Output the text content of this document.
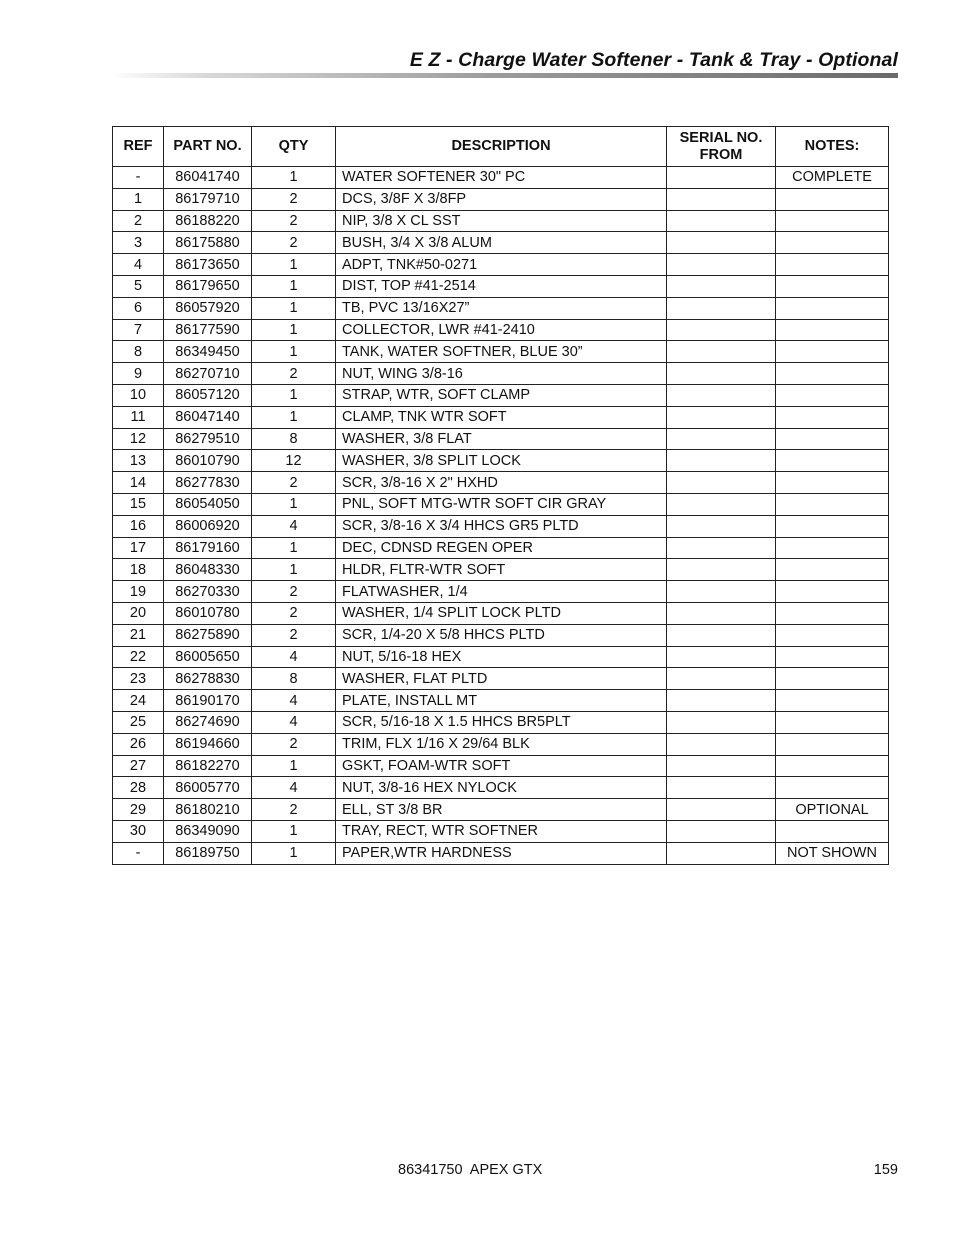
E Z - Charge Water Softener - Tank & Tray - Optional
REF	PART NO.	QTY	DESCRIPTION	SERIAL NO. FROM	NOTES:
-	86041740	1	WATER SOFTENER 30" PC		COMPLETE
1	86179710	2	DCS, 3/8F X 3/8FP		
2	86188220	2	NIP, 3/8 X CL SST		
3	86175880	2	BUSH, 3/4 X 3/8 ALUM		
4	86173650	1	ADPT, TNK#50-0271		
5	86179650	1	DIST, TOP #41-2514		
6	86057920	1	TB, PVC 13/16X27”		
7	86177590	1	COLLECTOR, LWR #41-2410		
8	86349450	1	TANK, WATER SOFTNER, BLUE 30”		
9	86270710	2	NUT, WING 3/8-16		
10	86057120	1	STRAP, WTR, SOFT CLAMP		
11	86047140	1	CLAMP, TNK WTR SOFT		
12	86279510	8	WASHER, 3/8 FLAT		
13	86010790	12	WASHER, 3/8 SPLIT LOCK		
14	86277830	2	SCR, 3/8-16 X 2" HXHD		
15	86054050	1	PNL, SOFT MTG-WTR SOFT CIR GRAY		
16	86006920	4	SCR, 3/8-16 X 3/4 HHCS GR5 PLTD		
17	86179160	1	DEC, CDNSD REGEN OPER		
18	86048330	1	HLDR, FLTR-WTR SOFT		
19	86270330	2	FLATWASHER, 1/4		
20	86010780	2	WASHER, 1/4 SPLIT LOCK PLTD		
21	86275890	2	SCR, 1/4-20 X 5/8 HHCS PLTD		
22	86005650	4	NUT, 5/16-18 HEX		
23	86278830	8	WASHER, FLAT PLTD		
24	86190170	4	PLATE, INSTALL MT		
25	86274690	4	SCR, 5/16-18 X 1.5 HHCS BR5PLT		
26	86194660	2	TRIM, FLX 1/16 X 29/64 BLK		
27	86182270	1	GSKT, FOAM-WTR SOFT		
28	86005770	4	NUT, 3/8-16 HEX NYLOCK		
29	86180210	2	ELL, ST 3/8 BR		OPTIONAL
30	86349090	1	TRAY, RECT, WTR SOFTNER		
-	86189750	1	PAPER,WTR HARDNESS		NOT SHOWN
86341750  APEX GTX	159
